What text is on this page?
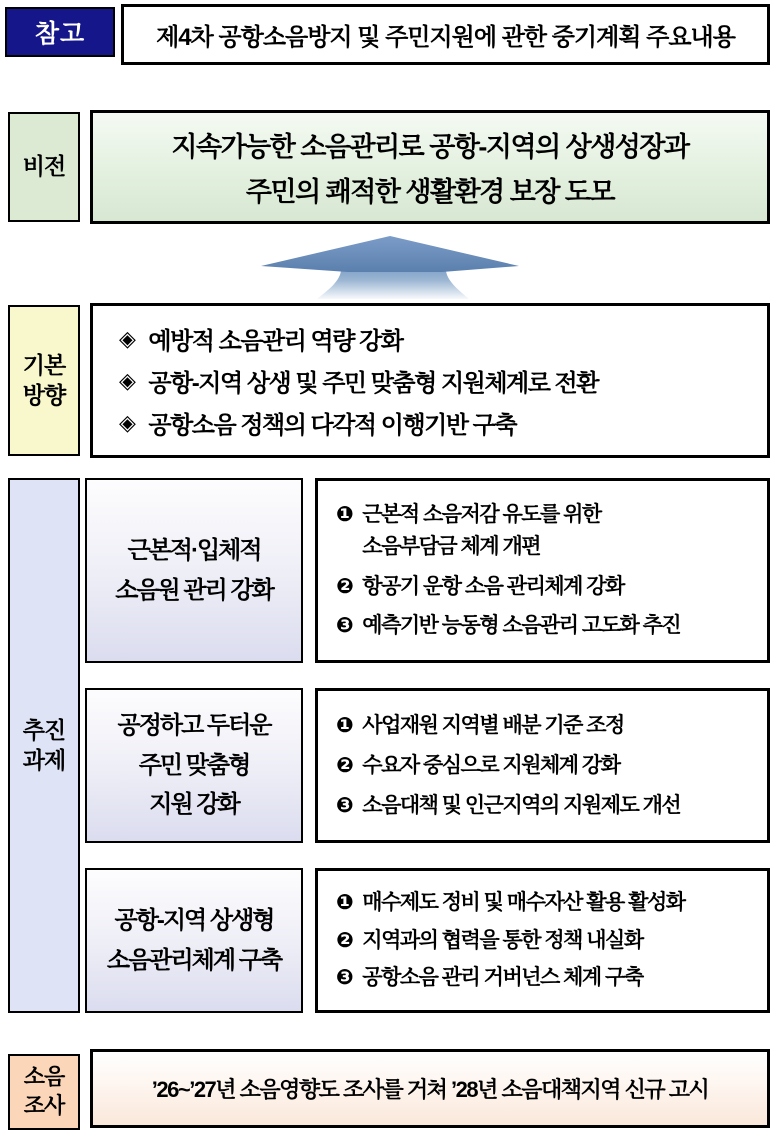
참고	제4차 공항소음방지 및 주민지원에 관한 중기계획 주요내용
비전
지속가능한 소음관리로 공항-지역의 상생성장과
주민의 쾌적한 생활환경 보장 도모
기본
방향
◈ 예방적 소음관리 역량 강화
◈ 공항-지역 상생 및 주민 맞춤형 지원체계로 전환
◈ 공항소음 정책의 다각적 이행기반 구축
추진
과제
근본적·입체적
소음원 관리 강화
❶ 근본적 소음저감 유도를 위한
소음부담금 체계 개편
❷ 항공기 운항 소음 관리체계 강화
❸ 예측기반 능동형 소음관리 고도화 추진
공정하고 두터운
주민 맞춤형
지원 강화
❶ 사업재원 지역별 배분 기준 조정
❷ 수요자 중심으로 지원체계 강화
❸ 소음대책 및 인근지역의 지원제도 개선
공항-지역 상생형
소음관리체계 구축
❶ 매수제도 정비 및 매수자산 활용 활성화
❷ 지역과의 협력을 통한 정책 내실화
❸ 공항소음 관리 거버넌스 체계 구축
소음
조사
’26~’27년 소음영향도 조사를 거쳐 ’28년 소음대책지역 신규 고시
